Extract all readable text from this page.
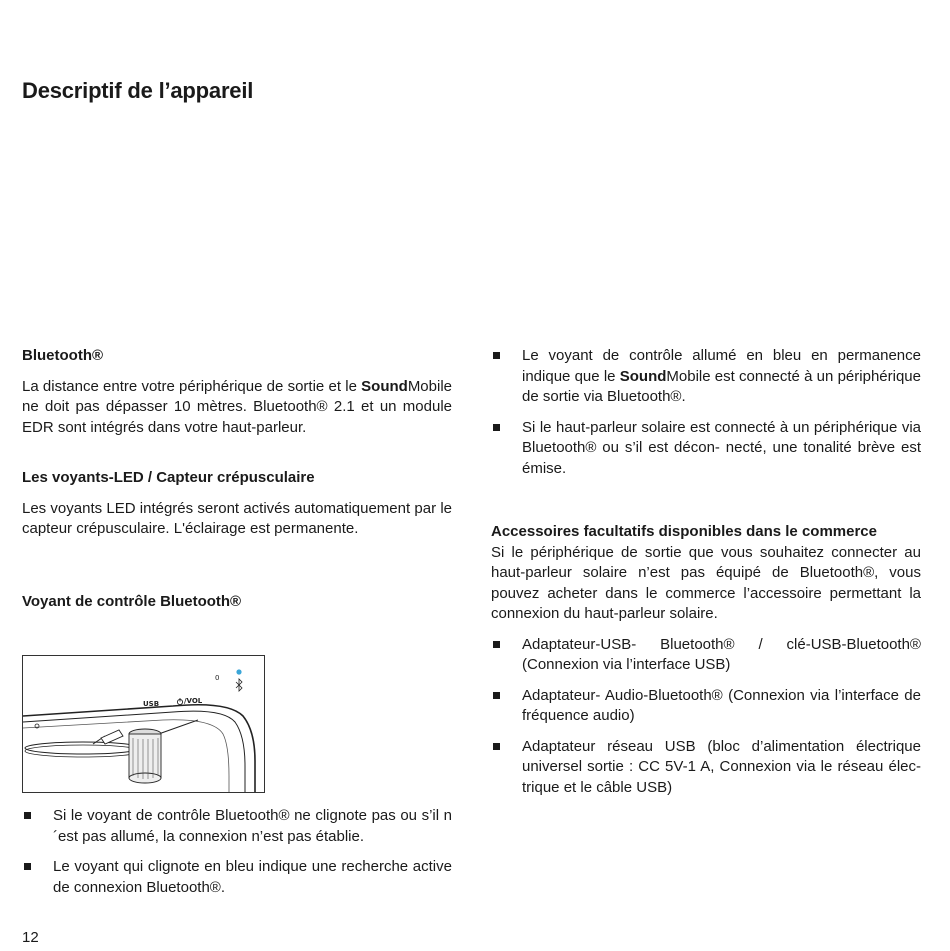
Descriptif de l’appareil

Bluetooth®

La distance entre votre périphérique de sortie et le SoundMobile ne doit pas dépasser 10 mètres. Bluetooth® 2.1 et un module EDR sont intégrés dans votre haut-parleur.

Les voyants-LED / Capteur crépusculaire

Les voyants LED intégrés seront activés automatiquement par le capteur crépusculaire. L'éclairage est permanente.

Voyant de contrôle Bluetooth®

USB	/VOL
0
Si le voyant de contrôle Bluetooth® ne clignote pas ou s’il n´est pas allumé, la connexion n’est pas établie.
Le voyant qui clignote en bleu indique une recherche active de connexion Bluetooth®.
Le voyant de contrôle allumé en bleu en permanence indique que le SoundMobile est connecté à un périphérique de sortie via Bluetooth®.
Si le haut-parleur solaire est connecté à un périphérique via Bluetooth® ou s’il est décon- necté, une tonalité brève est émise.

Accessoires facultatifs disponibles dans le commerce

Si le périphérique de sortie que vous souhaitez connecter au haut-parleur solaire n’est pas équipé de Bluetooth®, vous pouvez acheter dans le commerce l’accessoire permettant la connexion du haut-parleur solaire.

Adaptateur-USB- Bluetooth® / clé-USB-Bluetooth® (Connexion via l’interface USB)
Adaptateur- Audio-Bluetooth® (Connexion via l’interface de fréquence audio)
Adaptateur réseau USB (bloc d’alimentation électrique universel sortie : CC 5V-1 A, Connexion via le réseau électrique et le câble USB)

12
